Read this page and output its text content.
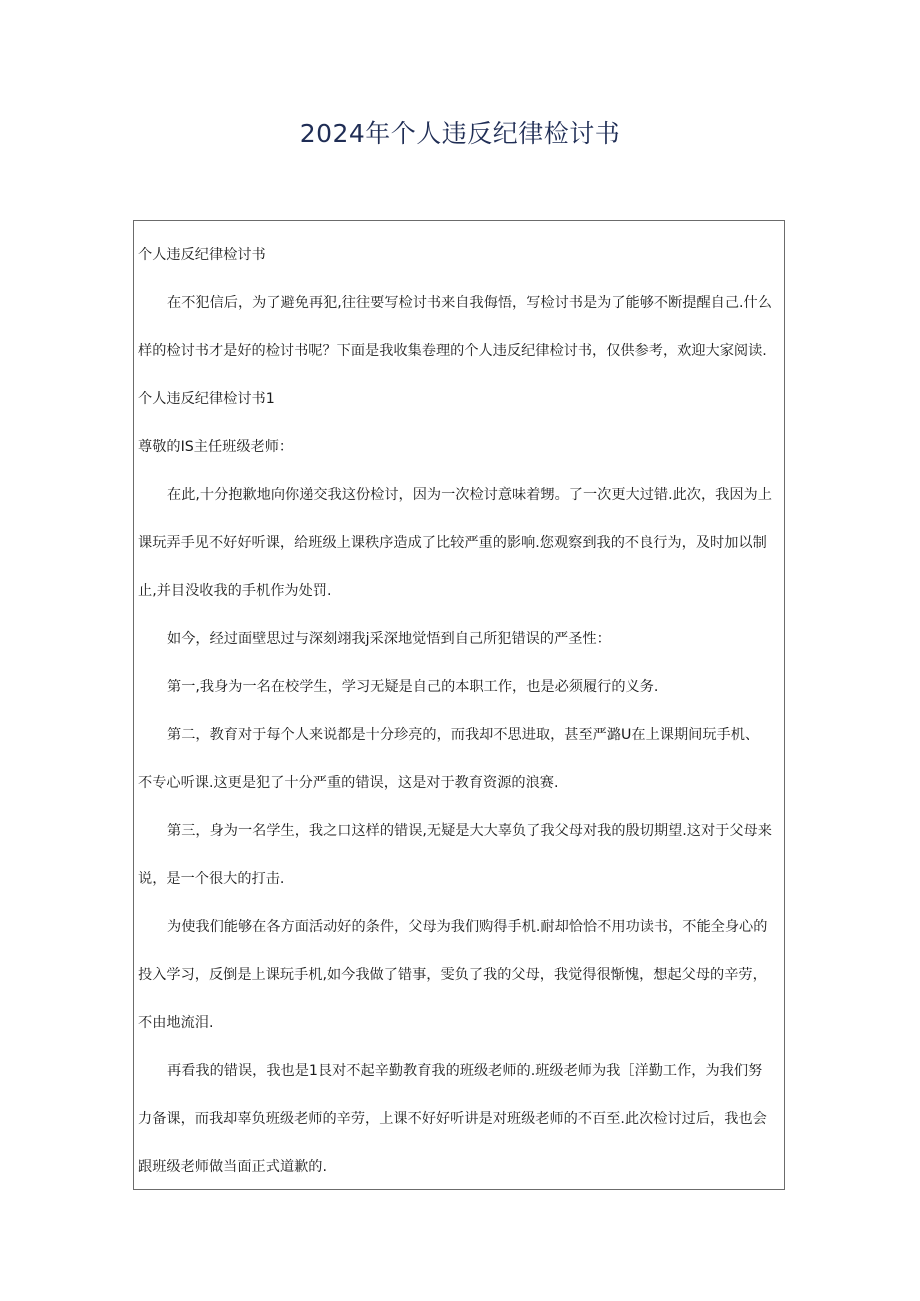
2024年个人违反纪律检讨书
个人违反纪律检讨书
在不犯信后，为了避免再犯,往往要写检讨书来自我侮悟，写检讨书是为了能够不断提醒自己.什么
样的检讨书才是好的检讨书呢？下面是我收集卷理的个人违反纪律检讨书，仅供参考，欢迎大家阅读.
个人违反纪律检讨书1
尊敬的IS主任班级老师：
在此,十分抱歉地向你递交我这份检讨，因为一次检讨意味着甥。了一次更大过错.此次，我因为上
课玩弄手见不好好听课，给班级上课秩序造成了比较严重的影响.您观察到我的不良行为，及时加以制
止,并目没收我的手机作为处罚.
如今，经过面壁思过与深刻翊我j采深地觉悟到自己所犯错误的严圣性：
第一,我身为一名在校学生，学习无疑是自己的本职工作，也是必须履行的义务.
第二，教育对于每个人来说都是十分珍亮的，而我却不思进取，甚至严潞U在上课期间玩手机、
不专心听课.这更是犯了十分严重的错误，这是对于教育资源的浪赛.
第三，身为一名学生，我之口这样的错误,无疑是大大辜负了我父母对我的殷切期望.这对于父母来
说，是一个很大的打击.
为使我们能够在各方面活动好的条件，父母为我们购得手机.耐却恰恰不用功读书，不能全身心的
投入学习，反倒是上课玩手机,如今我做了错事，雯负了我的父母，我觉得很惭愧，想起父母的辛劳，
不由地流泪.
再看我的错误，我也是1艮对不起辛勤教育我的班级老师的.班级老师为我［洋勤工作，为我们努
力备课，而我却辜负班级老师的辛劳，上课不好好听讲是对班级老师的不百至.此次检讨过后，我也会
跟班级老师做当面正式道歉的.
